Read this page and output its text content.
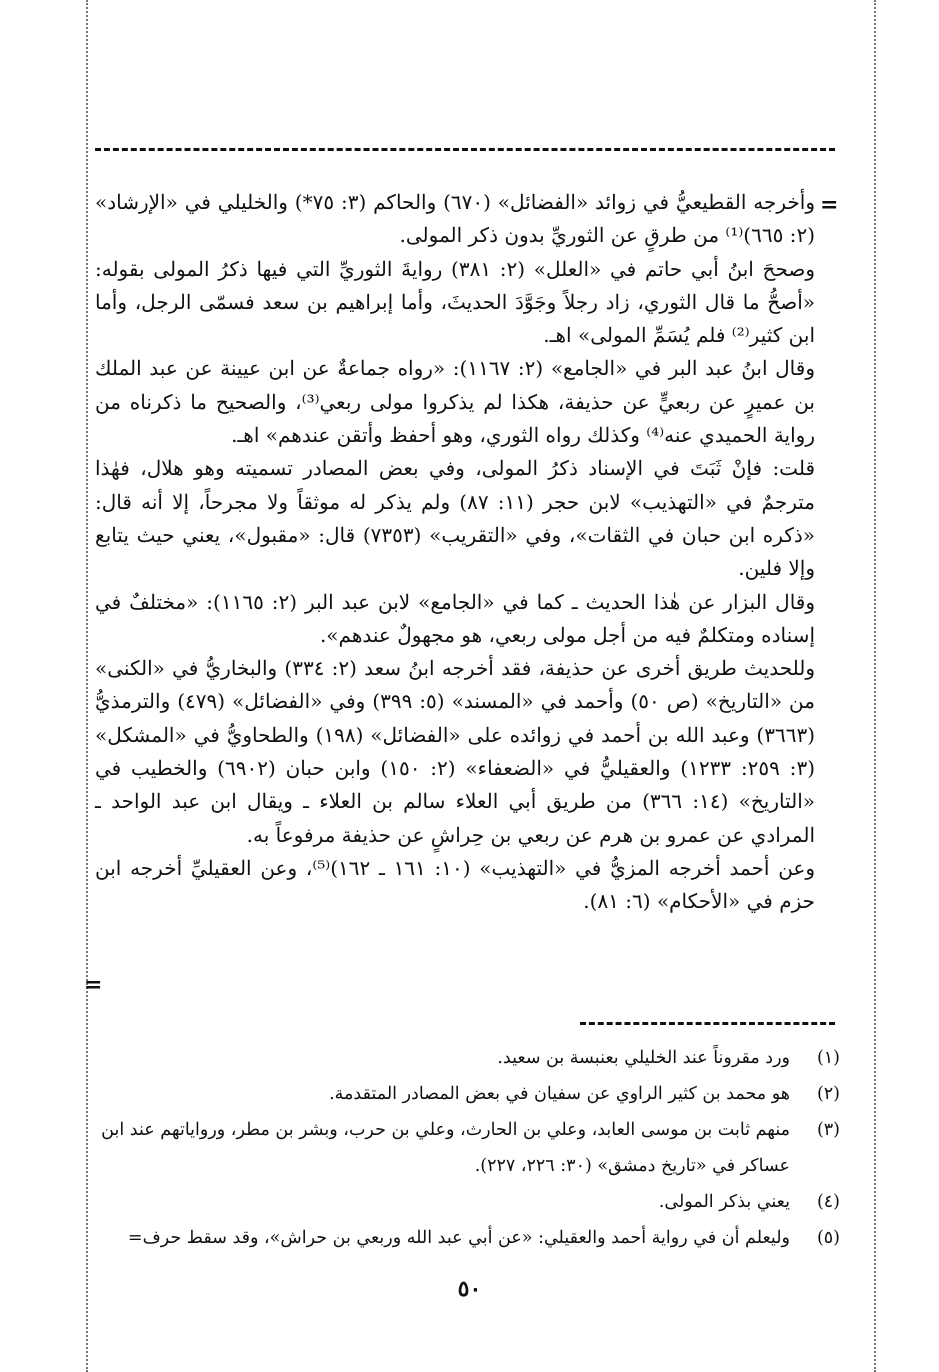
=

وأخرجه القطيعيُّ في زوائد «الفضائل» (٦٧٠) والحاكم (٣: ٧٥*) والخليلي في «الإرشاد» (٢: ٦٦٥)⁽¹⁾ من طرقٍ عن الثوريِّ بدون ذكر المولى.

وصححَ ابنُ أبي حاتم في «العلل» (٢: ٣٨١) روايةَ الثوريِّ التي فيها ذكرُ المولى بقوله: «أصحُّ ما قال الثوري، زاد رجلاً وجَوَّدَ الحديثَ، وأما إبراهيم بن سعد فسمّى الرجل، وأما ابن كثير⁽²⁾ فلم يُسَمِّ المولى» اهـ.

وقال ابنُ عبد البر في «الجامع» (٢: ١١٦٧): «رواه جماعةٌ عن ابن عيينة عن عبد الملك بن عميرٍ عن ربعيٍّ عن حذيفة، هكذا لم يذكروا مولى ربعي⁽³⁾، والصحيح ما ذكرناه من رواية الحميدي عنه⁽⁴⁾ وكذلك رواه الثوري، وهو أحفظ وأتقن عندهم» اهـ.

قلت: فإنْ ثَبَتَ في الإسناد ذكرُ المولى، وفي بعض المصادر تسميته وهو هلال، فهٰذا مترجمٌ في «التهذيب» لابن حجر (١١: ٨٧) ولم يذكر له موثقاً ولا مجرحاً، إلا أنه قال: «ذكره ابن حبان في الثقات»، وفي «التقريب» (٧٣٥٣) قال: «مقبول»، يعني حيث يتابع وإلا فلين.

وقال البزار عن هٰذا الحديث ـ كما في «الجامع» لابن عبد البر (٢: ١١٦٥): «مختلفٌ في إسناده ومتكلمٌ فيه من أجل مولى ربعي، هو مجهولٌ عندهم».

وللحديث طريق أخرى عن حذيفة، فقد أخرجه ابنُ سعد (٢: ٣٣٤) والبخاريُّ في «الكنى» من «التاريخ» (ص ٥٠) وأحمد في «المسند» (٥: ٣٩٩) وفي «الفضائل» (٤٧٩) والترمذيُّ (٣٦٦٣) وعبد الله بن أحمد في زوائده على «الفضائل» (١٩٨) والطحاويُّ في «المشكل» (٣: ٢٥٩: ١٢٣٣) والعقيليُّ في «الضعفاء» (٢: ١٥٠) وابن حبان (٦٩٠٢) والخطيب في «التاريخ» (١٤: ٣٦٦) من طريق أبي العلاء سالم بن العلاء ـ ويقال ابن عبد الواحد ـ المرادي عن عمرو بن هرم عن ربعي بن حِراشٍ عن حذيفة مرفوعاً به.

وعن أحمد أخرجه المزيُّ في «التهذيب» (١٠: ١٦١ ـ ١٦٢)⁽⁵⁾، وعن العقيليِّ أخرجه ابن حزم في «الأحكام» (٦: ٨١).

=
(١)
ورد مقروناً عند الخليلي بعنبسة بن سعيد.
(٢)
هو محمد بن كثير الراوي عن سفيان في بعض المصادر المتقدمة.
(٣)
منهم ثابت بن موسى العابد، وعلي بن الحارث، وعلي بن حرب، وبشر بن مطر، ورواياتهم عند ابن عساكر في «تاريخ دمشق» (٣٠: ٢٢٦، ٢٢٧).
(٤)
يعني بذكر المولى.
(٥)
وليعلم أن في رواية أحمد والعقيلي: «عن أبي عبد الله وربعي بن حراش»، وقد سقط حرف=
٥٠
